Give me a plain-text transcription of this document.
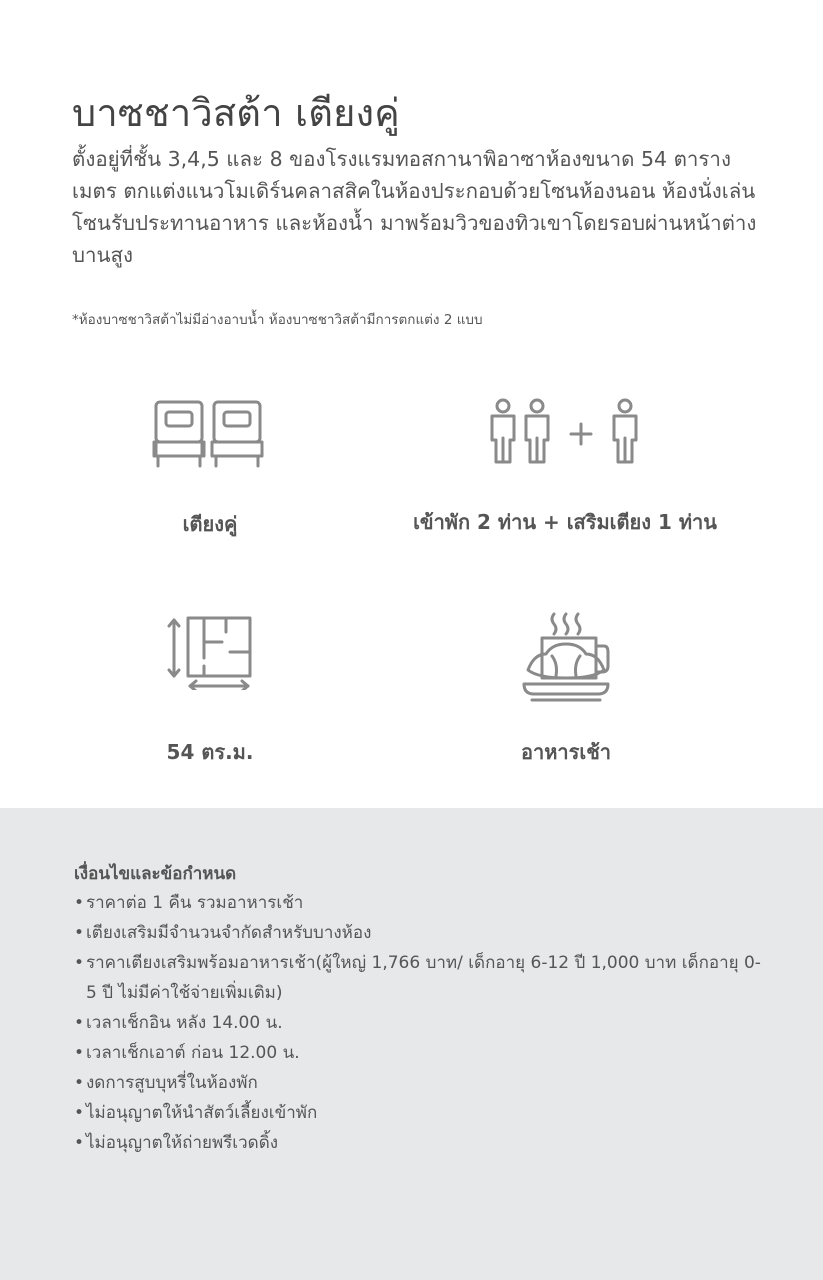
บาซชาวิสต้า เตียงคู่

ตั้งอยู่ที่ชั้น 3,4,5 และ 8 ของโรงแรมทอสกานาพิอาซาห้องขนาด 54 ตารางเมตร ตกแต่งแนวโมเดิร์นคลาสสิคในห้องประกอบด้วยโซนห้องนอน ห้องนั่งเล่นโซนรับประทานอาหาร และห้องน้ำ มาพร้อมวิวของทิวเขาโดยรอบผ่านหน้าต่างบานสูง

*ห้องบาซชาวิสต้าไม่มีอ่างอาบน้ำ ห้องบาซชาวิสต้ามีการตกแต่ง 2 แบบ

เตียงคู่	เข้าพัก 2 ท่าน + เสริมเตียง 1 ท่าน
54 ตร.ม.	อาหารเช้า
เงื่อนไขและข้อกำหนด
• ราคาต่อ 1 คืน รวมอาหารเช้า
• เตียงเสริมมีจำนวนจำกัดสำหรับบางห้อง
• ราคาเตียงเสริมพร้อมอาหารเช้า(ผู้ใหญ่ 1,766 บาท/ เด็กอายุ 6-12 ปี 1,000 บาท เด็กอายุ 0-5 ปี ไม่มีค่าใช้จ่ายเพิ่มเติม)
• เวลาเช็กอิน หลัง 14.00 น.
• เวลาเช็กเอาต์ ก่อน 12.00 น.
• งดการสูบบุหรี่ในห้องพัก
• ไม่อนุญาตให้นำสัตว์เลี้ยงเข้าพัก
• ไม่อนุญาตให้ถ่ายพรีเวดดิ้ง
